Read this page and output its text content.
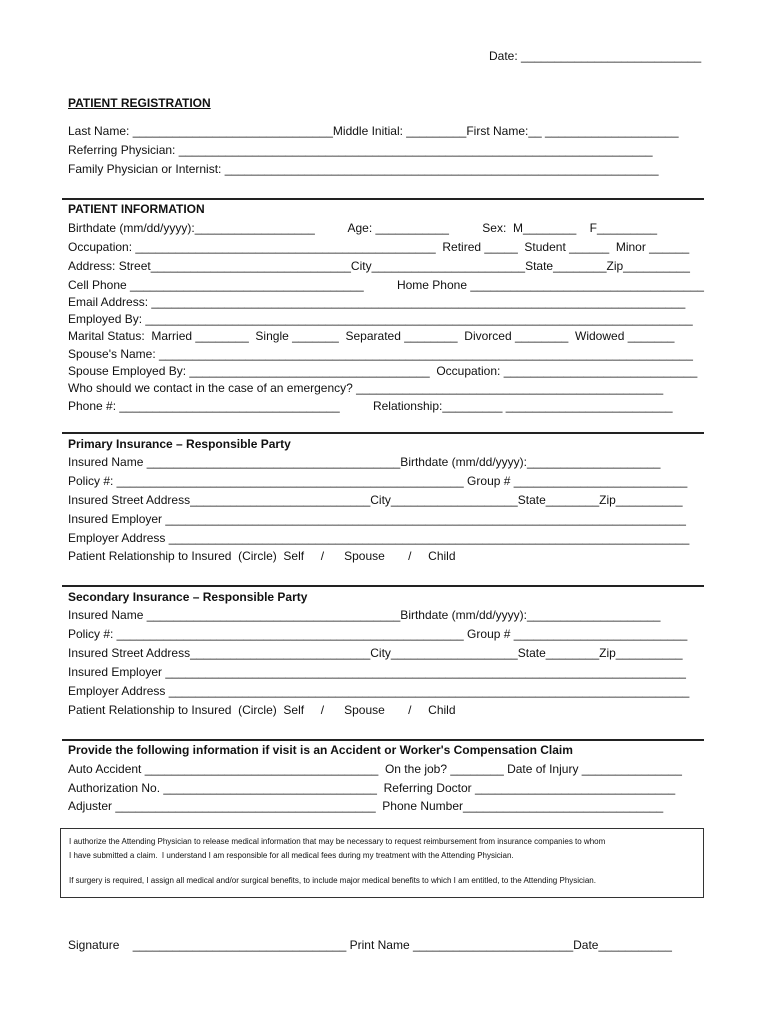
Date: ___________________________
PATIENT REGISTRATION
Last Name: ______________________________Middle Initial: _________First Name:__ ____________________
Referring Physician: _______________________________________________________________________
Family Physician or Internist: _________________________________________________________________
PATIENT INFORMATION
Birthdate (mm/dd/yyyy):__________________          Age: ___________          Sex:  M________    F_________
Occupation: _____________________________________________  Retired _____  Student ______  Minor ______
Address: Street______________________________City_______________________State________Zip__________
Cell Phone ___________________________________          Home Phone ___________________________________
Email Address: ________________________________________________________________________________
Employed By: __________________________________________________________________________________
Marital Status:  Married ________  Single _______  Separated ________  Divorced ________  Widowed _______
Spouse's Name: ________________________________________________________________________________
Spouse Employed By: ____________________________________  Occupation: _____________________________
Who should we contact in the case of an emergency? ______________________________________________
Phone #: _________________________________          Relationship:_________ _________________________
Primary Insurance – Responsible Party
Insured Name ______________________________________Birthdate (mm/dd/yyyy):____________________
Policy #: ____________________________________________________ Group # __________________________
Insured Street Address___________________________City___________________State________Zip__________
Insured Employer ______________________________________________________________________________
Employer Address ______________________________________________________________________________
Patient Relationship to Insured  (Circle)  Self     /      Spouse       /     Child
Secondary Insurance – Responsible Party
Insured Name ______________________________________Birthdate (mm/dd/yyyy):____________________
Policy #: ____________________________________________________ Group # __________________________
Insured Street Address___________________________City___________________State________Zip__________
Insured Employer ______________________________________________________________________________
Employer Address ______________________________________________________________________________
Patient Relationship to Insured  (Circle)  Self     /      Spouse       /     Child
Provide the following information if visit is an Accident or Worker's Compensation Claim
Auto Accident ___________________________________  On the job? ________ Date of Injury _______________
Authorization No. ________________________________  Referring Doctor ______________________________
Adjuster _______________________________________  Phone Number______________________________
I authorize the Attending Physician to release medical information that may be necessary to request reimbursement from insurance companies to whom
I have submitted a claim.  I understand I am responsible for all medical fees during my treatment with the Attending Physician.
If surgery is required, I assign all medical and/or surgical benefits, to include major medical benefits to which I am entitled, to the Attending Physician.
Signature    ________________________________ Print Name ________________________Date___________
